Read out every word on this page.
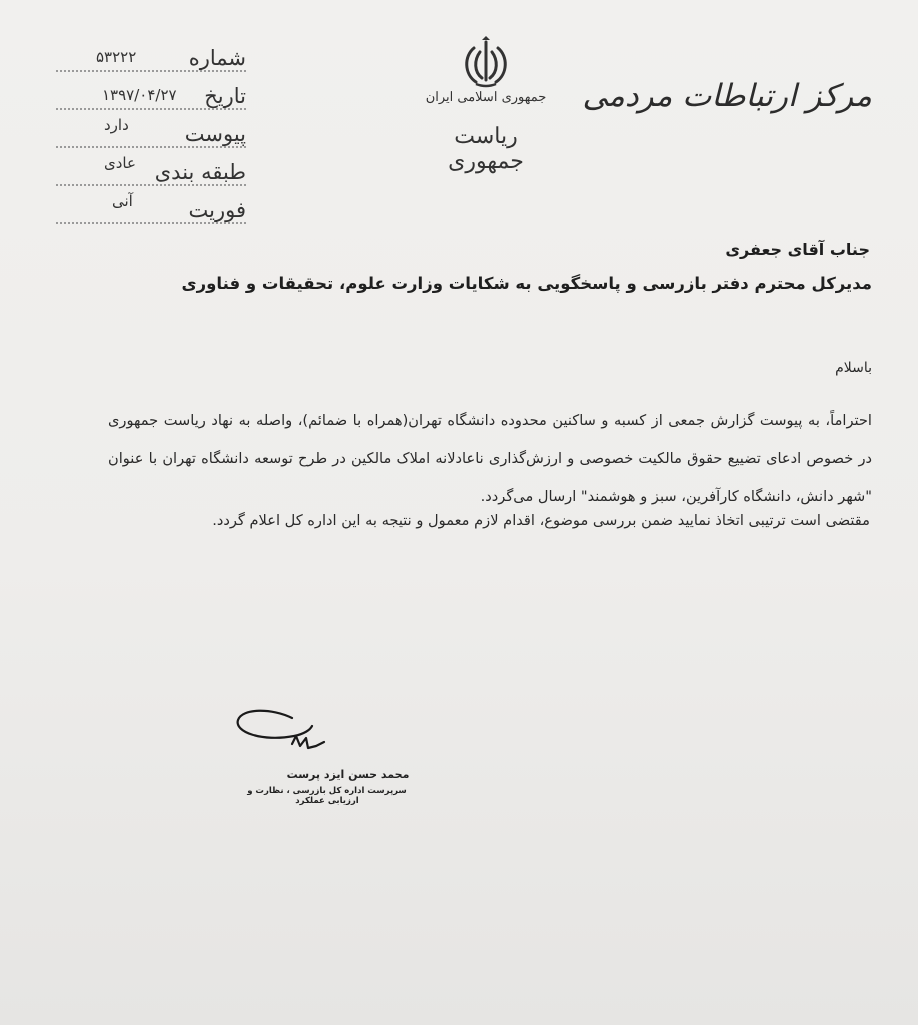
شماره
۵۳۲۲۲
تاریخ
۱۳۹۷/۰۴/۲۷
پیوست
دارد
طبقه بندی
عادی
فوریت
آنی
جمهوری اسلامی ایران
ریاست جمهوری
مرکز ارتباطات مردمی
جناب آقای جعفری
مدیرکل محترم دفتر بازرسی و پاسخگویی به شکایات وزارت علوم، تحقیقات و فناوری
باسلام
احتراماً، به پیوست گزارش جمعی از کسبه و ساکنین محدوده دانشگاه تهران(همراه با ضمائم)، واصله به نهاد ریاست جمهوری در خصوص ادعای تضییع حقوق مالکیت خصوصی و ارزش‌گذاری ناعادلانه املاک مالکین در طرح توسعه دانشگاه تهران با عنوان "شهر دانش، دانشگاه کارآفرین، سبز و هوشمند" ارسال می‌گردد.
مقتضی است ترتیبی اتخاذ نمایید ضمن بررسی موضوع، اقدام لازم معمول و نتیجه به این اداره کل اعلام گردد.
محمد حسن ایزد پرست
سرپرست اداره کل بازرسی ، نظارت و ارزیابی عملکرد
